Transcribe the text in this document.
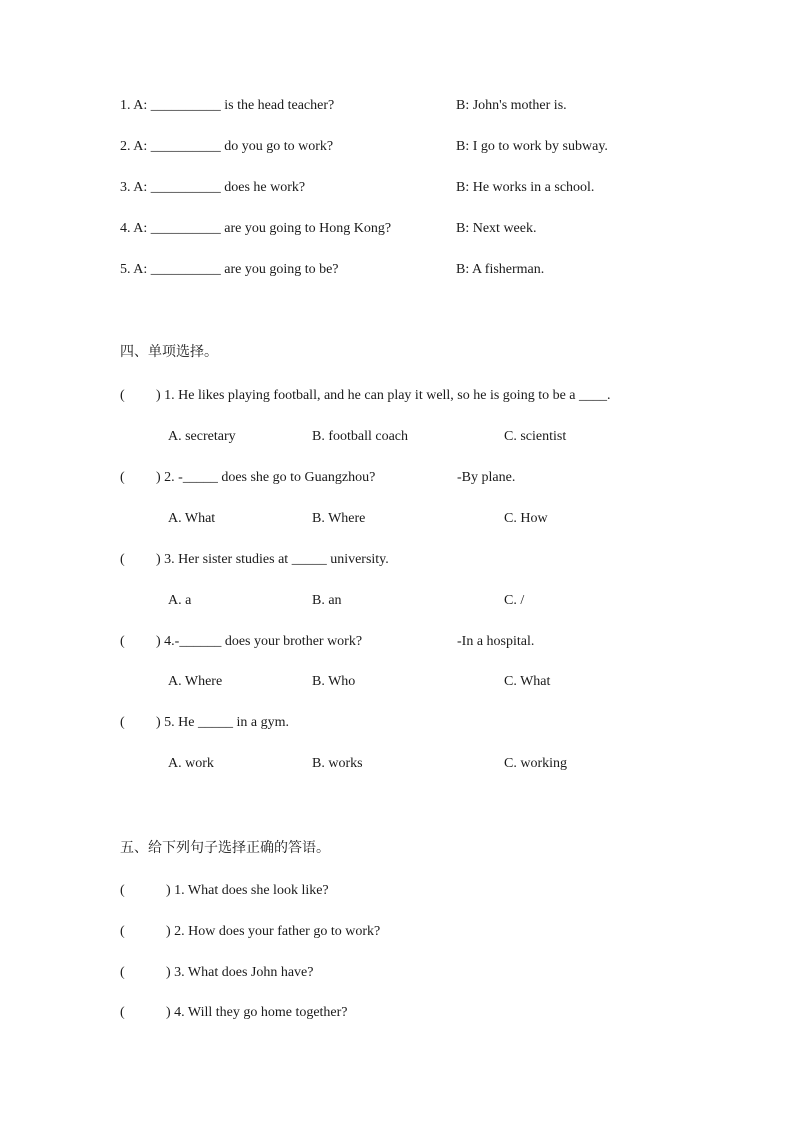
1. A: __________ is the head teacher?	B: John's mother is.
2. A: __________ do you go to work?	B: I go to work by subway.
3. A: __________ does he work?	B: He works in a school.
4. A: __________ are you going to Hong Kong?	B: Next week.
5. A: __________ are you going to be?	B: A fisherman.
四、单项选择。
( ) 1. He likes playing football, and he can play it well, so he is going to be a ____.
A. secretary	B. football coach	C. scientist
( ) 2. -_____ does she go to Guangzhou?	-By plane.
A. What	B. Where	C. How
( ) 3. Her sister studies at _____ university.
A. a	B. an	C. /
( ) 4.-______ does your brother work?	-In a hospital.
A. Where	B. Who	C. What
( ) 5. He _____ in a gym.
A. work	B. works	C. working
五、给下列句子选择正确的答语。
(	) 1. What does she look like?
(	) 2. How does your father go to work?
(	) 3. What does John have?
(	) 4. Will they go home together?
